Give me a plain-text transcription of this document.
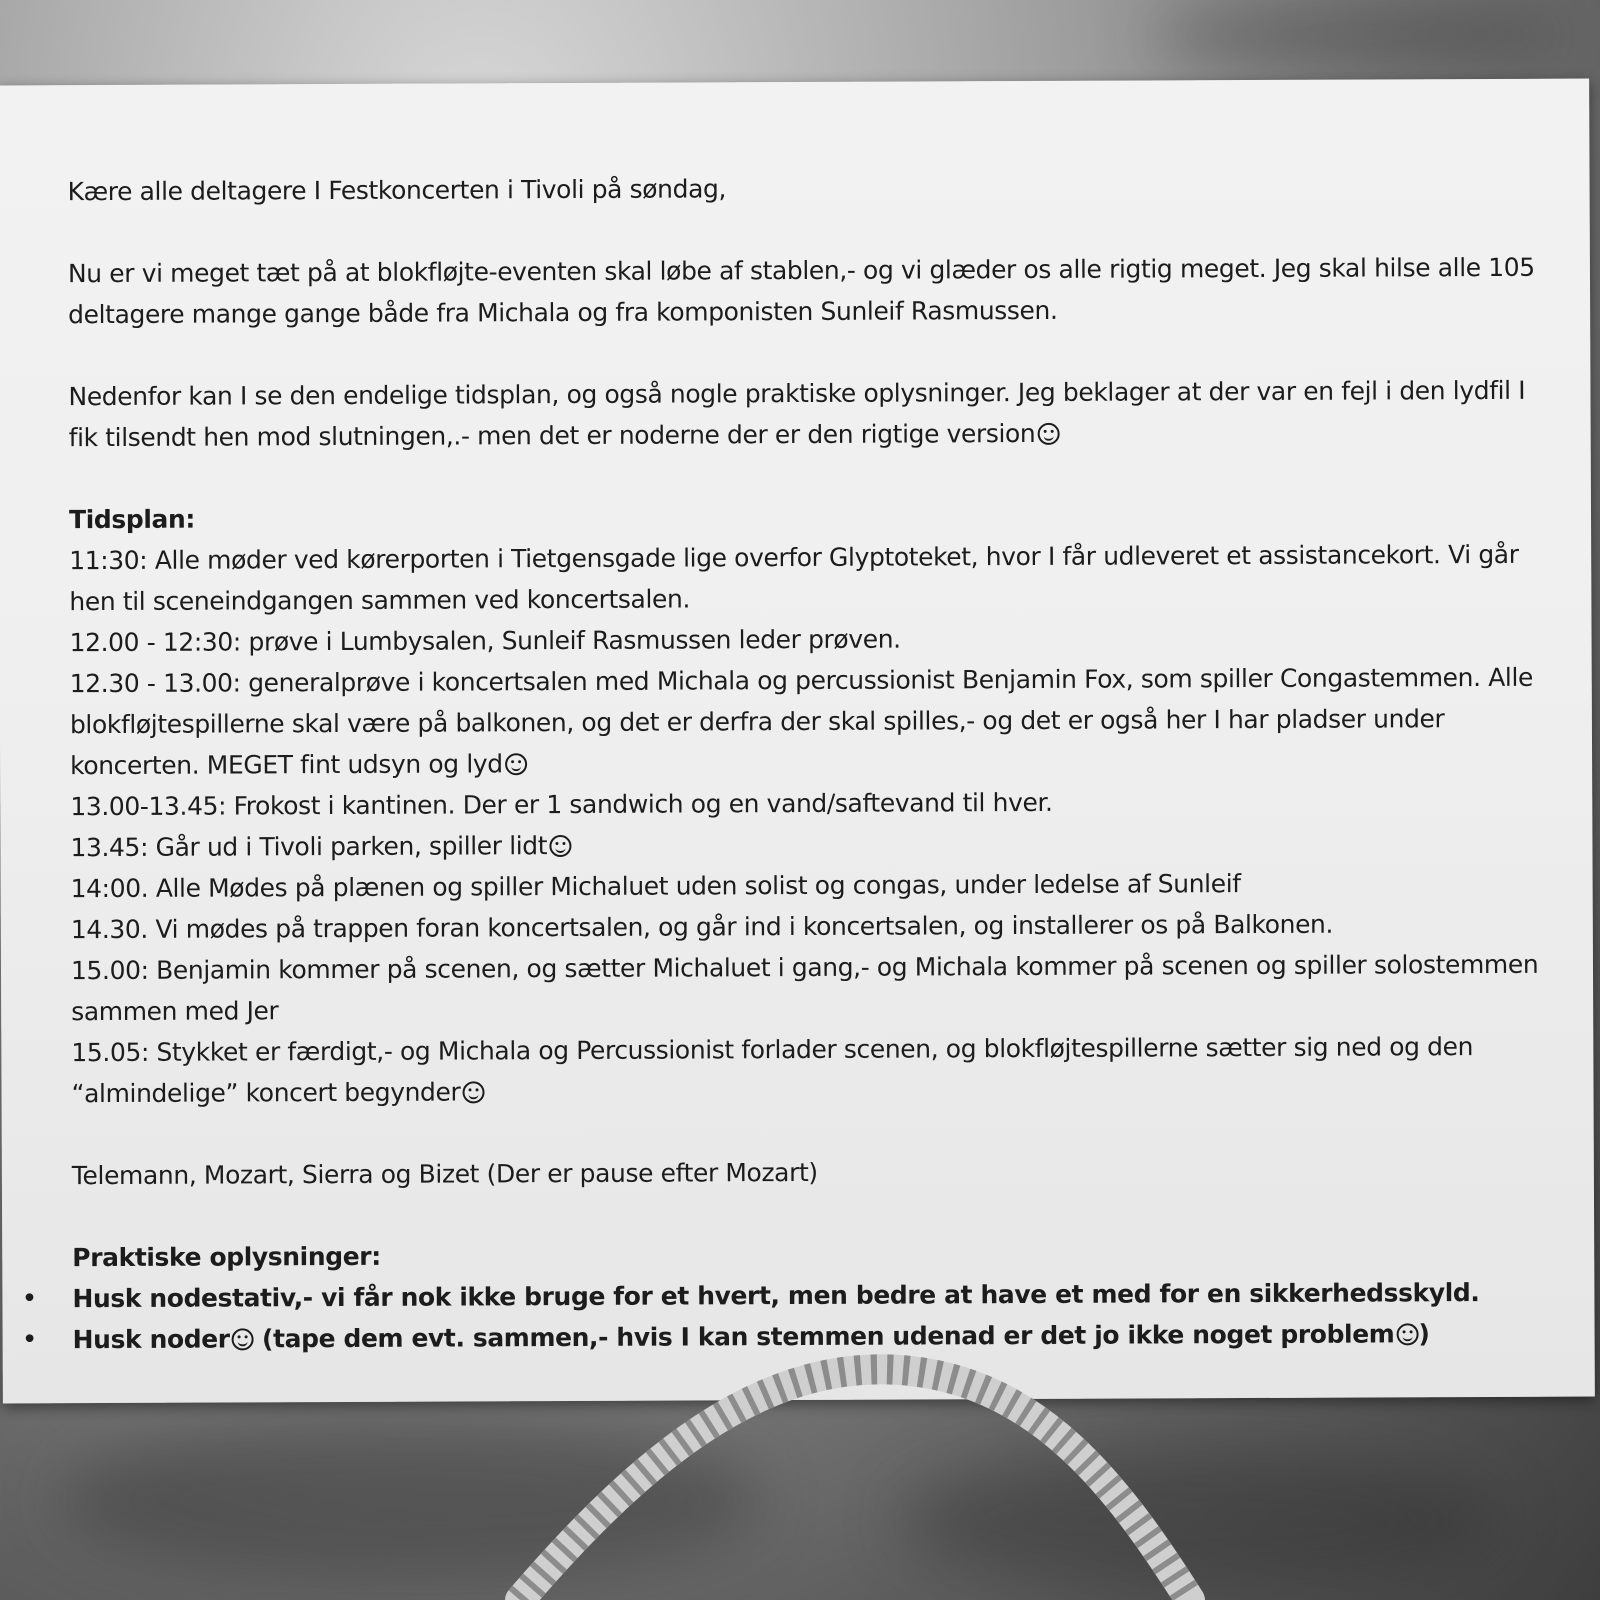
Kære alle deltagere I Festkoncerten i Tivoli på søndag,

Nu er vi meget tæt på at blokfløjte-eventen skal løbe af stablen,- og vi glæder os alle rigtig meget. Jeg skal hilse alle 105 deltagere mange gange både fra Michala og fra komponisten Sunleif Rasmussen.

Nedenfor kan I se den endelige tidsplan, og også nogle praktiske oplysninger. Jeg beklager at der var en fejl i den lydfil I fik tilsendt hen mod slutningen,.- men det er noderne der er den rigtige version

Tidsplan:
11:30: Alle møder ved kørerporten i Tietgensgade lige overfor Glyptoteket, hvor I får udleveret et assistancekort. Vi går hen til sceneindgangen sammen ved koncertsalen.
12.00 - 12:30: prøve i Lumbysalen, Sunleif Rasmussen leder prøven.
12.30 - 13.00: generalprøve i koncertsalen med Michala og percussionist Benjamin Fox, som spiller Congastemmen. Alle blokfløjtespillerne skal være på balkonen, og det er derfra der skal spilles,- og det er også her I har pladser under koncerten. MEGET fint udsyn og lyd
13.00-13.45: Frokost i kantinen. Der er 1 sandwich og en vand/saftevand til hver.
13.45: Går ud i Tivoli parken, spiller lidt
14:00. Alle Mødes på plænen og spiller Michaluet uden solist og congas, under ledelse af Sunleif
14.30. Vi mødes på trappen foran koncertsalen, og går ind i koncertsalen, og installerer os på Balkonen.
15.00: Benjamin kommer på scenen, og sætter Michaluet i gang,- og Michala kommer på scenen og spiller solostemmen sammen med Jer
15.05: Stykket er færdigt,- og Michala og Percussionist forlader scenen, og blokfløjtespillerne sætter sig ned og den “almindelige” koncert begynder

Telemann, Mozart, Sierra og Bizet (Der er pause efter Mozart)

Praktiske oplysninger:
• Husk nodestativ,- vi får nok ikke bruge for et hvert, men bedre at have et med for en sikkerhedsskyld.
• Husk noder (tape dem evt. sammen,- hvis I kan stemmen udenad er det jo ikke noget problem )
